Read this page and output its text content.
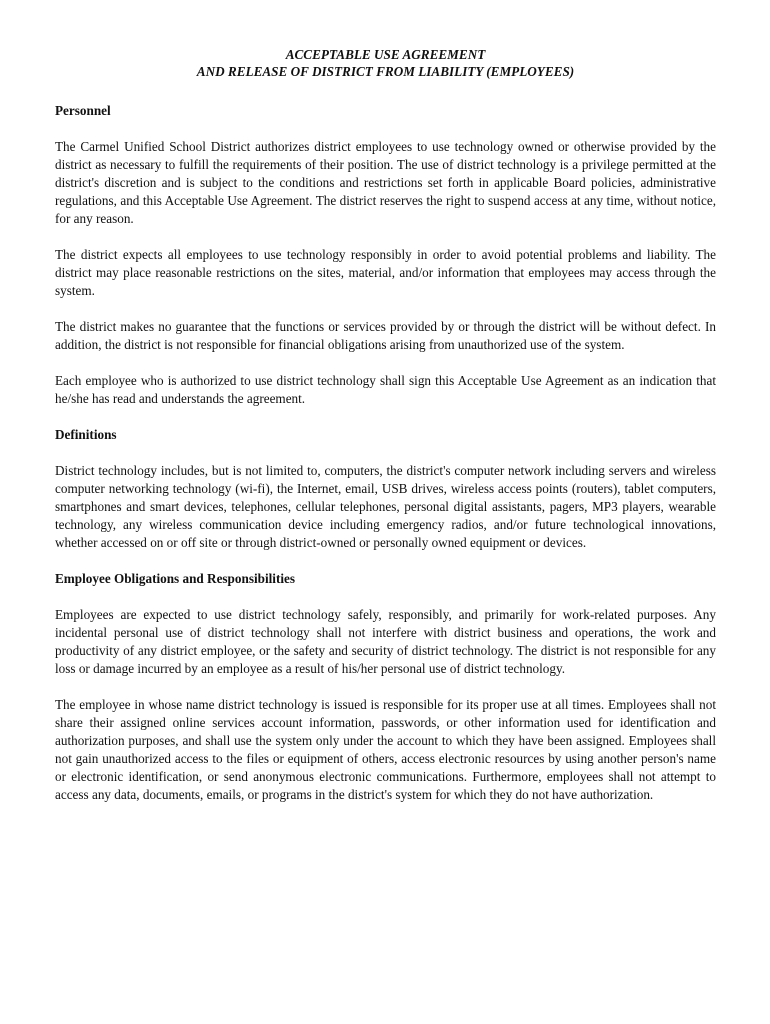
ACCEPTABLE USE AGREEMENT

AND RELEASE OF DISTRICT FROM LIABILITY (EMPLOYEES)

Personnel

The Carmel Unified School District authorizes district employees to use technology owned or otherwise provided by the district as necessary to fulfill the requirements of their position. The use of district technology is a privilege permitted at the district's discretion and is subject to the conditions and restrictions set forth in applicable Board policies, administrative regulations, and this Acceptable Use Agreement. The district reserves the right to suspend access at any time, without notice, for any reason.

The district expects all employees to use technology responsibly in order to avoid potential problems and liability. The district may place reasonable restrictions on the sites, material, and/or information that employees may access through the system.

The district makes no guarantee that the functions or services provided by or through the district will be without defect. In addition, the district is not responsible for financial obligations arising from unauthorized use of the system.

Each employee who is authorized to use district technology shall sign this Acceptable Use Agreement as an indication that he/she has read and understands the agreement.

Definitions

District technology includes, but is not limited to, computers, the district's computer network including servers and wireless computer networking technology (wi-fi), the Internet, email, USB drives, wireless access points (routers), tablet computers, smartphones and smart devices, telephones, cellular telephones, personal digital assistants, pagers, MP3 players, wearable technology, any wireless communication device including emergency radios, and/or future technological innovations, whether accessed on or off site or through district-owned or personally owned equipment or devices.

Employee Obligations and Responsibilities

Employees are expected to use district technology safely, responsibly, and primarily for work-related purposes. Any incidental personal use of district technology shall not interfere with district business and operations, the work and productivity of any district employee, or the safety and security of district technology. The district is not responsible for any loss or damage incurred by an employee as a result of his/her personal use of district technology.

The employee in whose name district technology is issued is responsible for its proper use at all times. Employees shall not share their assigned online services account information, passwords, or other information used for identification and authorization purposes, and shall use the system only under the account to which they have been assigned. Employees shall not gain unauthorized access to the files or equipment of others, access electronic resources by using another person's name or electronic identification, or send anonymous electronic communications. Furthermore, employees shall not attempt to access any data, documents, emails, or programs in the district's system for which they do not have authorization.
